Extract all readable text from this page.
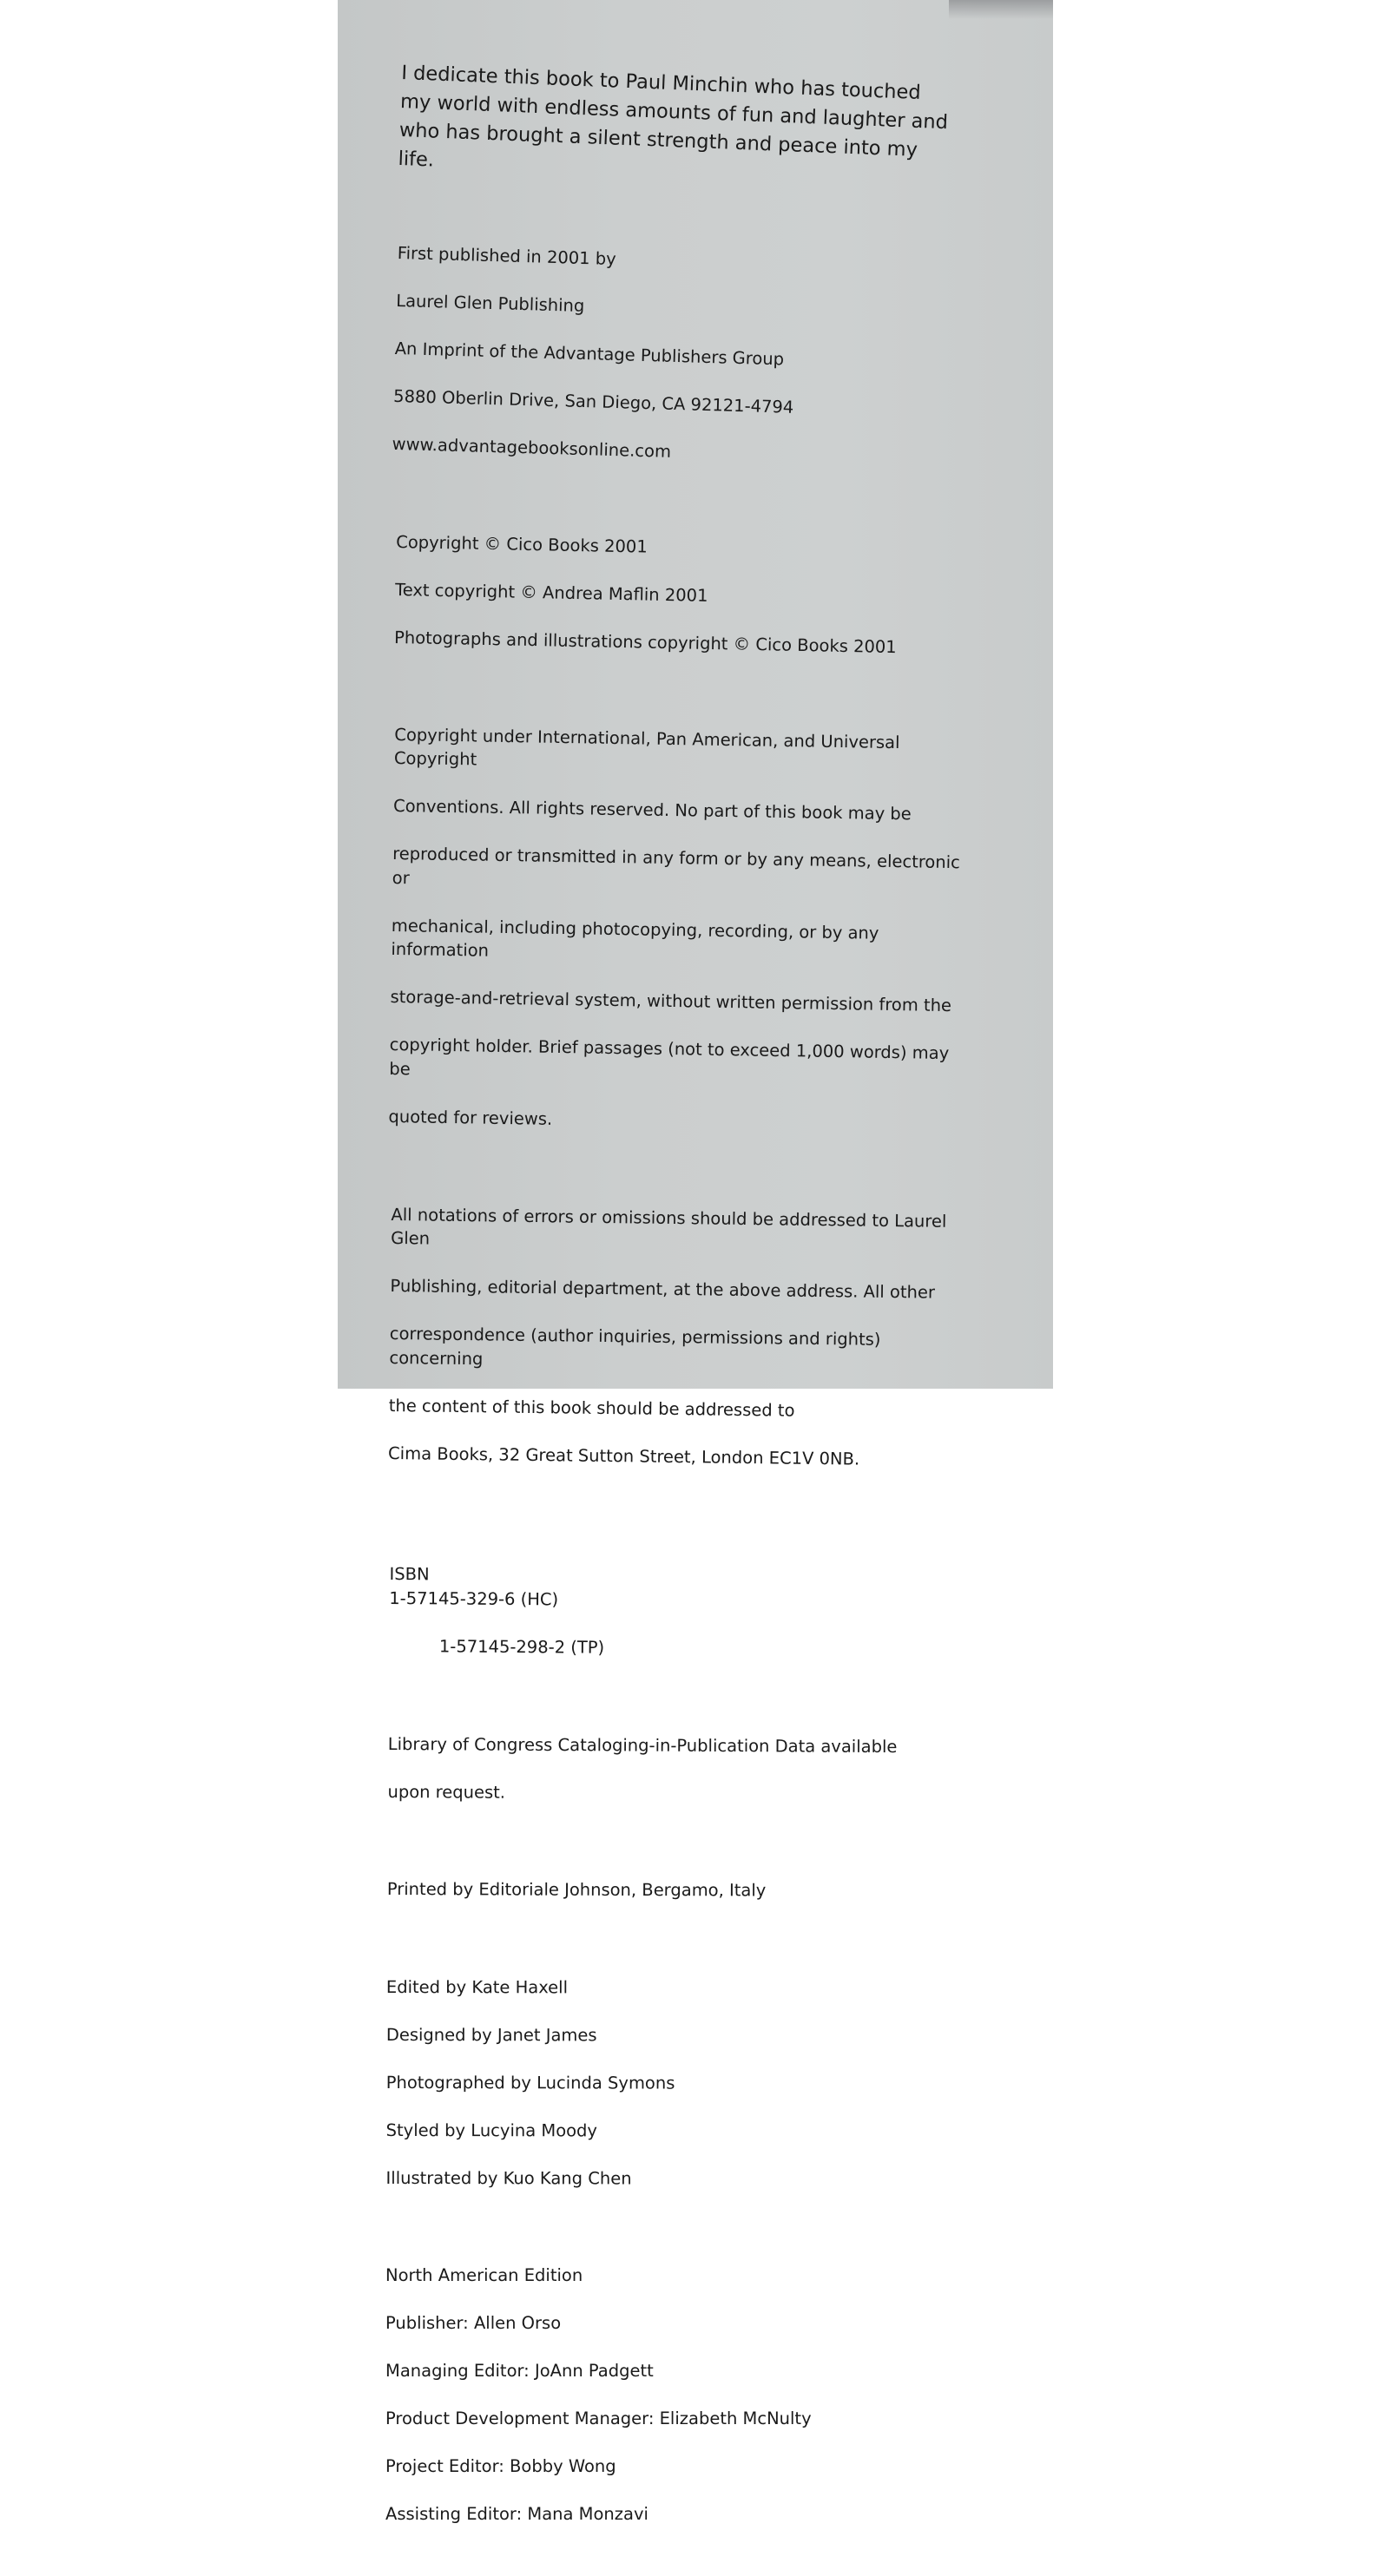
I dedicate this book to Paul Minchin who has touched my world with endless amounts of fun and laughter and who has brought a silent strength and peace into my life.

First published in 2001 by

Laurel Glen Publishing

An Imprint of the Advantage Publishers Group

5880 Oberlin Drive, San Diego, CA 92121-4794

www.advantagebooksonline.com

Copyright © Cico Books 2001

Text copyright © Andrea Maflin 2001

Photographs and illustrations copyright © Cico Books 2001

Copyright under International, Pan American, and Universal Copyright

Conventions. All rights reserved. No part of this book may be

reproduced or transmitted in any form or by any means, electronic or

mechanical, including photocopying, recording, or by any information

storage-and-retrieval system, without written permission from the

copyright holder. Brief passages (not to exceed 1,000 words) may be

quoted for reviews.

All notations of errors or omissions should be addressed to Laurel Glen

Publishing, editorial department, at the above address. All other

correspondence (author inquiries, permissions and rights) concerning

the content of this book should be addressed to

Cima Books, 32 Great Sutton Street, London EC1V 0NB.

ISBN
1-57145-329-6 (HC)

1-57145-298-2 (TP)

Library of Congress Cataloging-in-Publication Data available

upon request.

Printed by Editoriale Johnson, Bergamo, Italy

Edited by Kate Haxell

Designed by Janet James

Photographed by Lucinda Symons

Styled by Lucyina Moody

Illustrated by Kuo Kang Chen

North American Edition

Publisher: Allen Orso

Managing Editor: JoAnn Padgett

Product Development Manager: Elizabeth McNulty

Project Editor: Bobby Wong

Assisting Editor: Mana Monzavi
